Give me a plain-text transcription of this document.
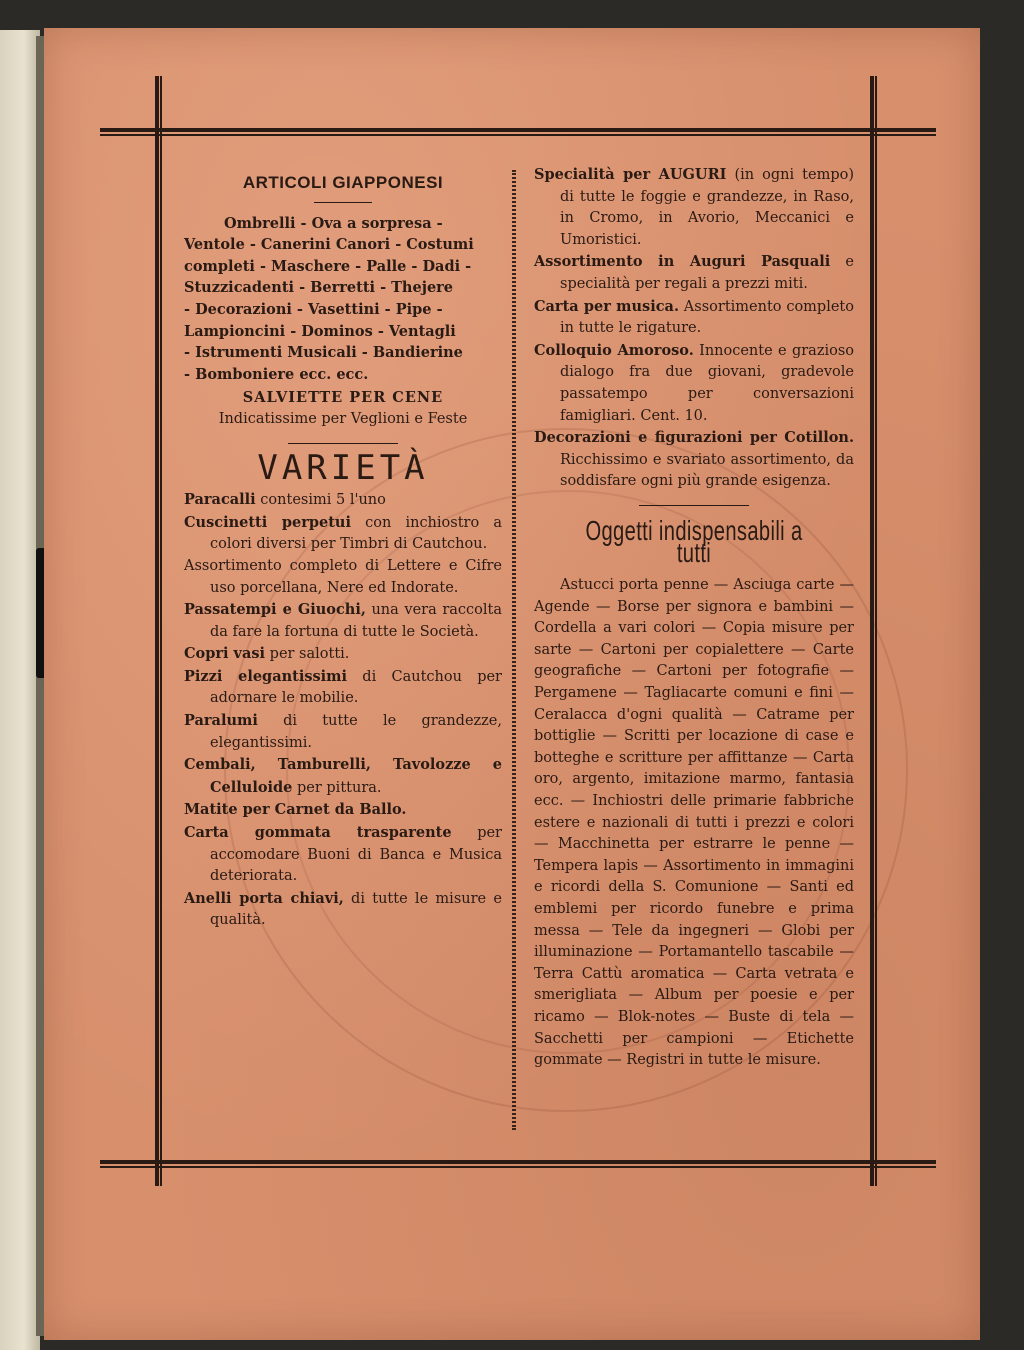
ARTICOLI GIAPPONESI
Ombrelli - Ova a sorpresa -
Ventole - Canerini Canori - Costumi
completi - Maschere - Palle - Dadi -
Stuzzicadenti - Berretti - Thejere
- Decorazioni - Vasettini - Pipe -
Lampioncini - Dominos - Ventagli
- Istrumenti Musicali - Bandierine
- Bomboniere ecc. ecc.
SALVIETTE PER CENE
Indicatissime per Veglioni e Feste
VARIETÀ

Paracalli contesimi 5 l'uno

Cuscinetti perpetui con inchiostro a colori diversi per Timbri di Cautchou.

Assortimento completo di Lettere e Cifre uso porcellana, Nere ed Indorate.

Passatempi e Giuochi, una vera raccolta da fare la fortuna di tutte le Società.

Copri vasi per salotti.

Pizzi elegantissimi di Cautchou per adornare le mobilie.

Paralumi di tutte le grandezze, elegantissimi.

Cembali, Tamburelli, Tavolozze e Celluloide per pittura.

Matite per Carnet da Ballo.

Carta gommata trasparente per accomodare Buoni di Banca e Musica deteriorata.

Anelli porta chiavi, di tutte le misure e qualità.

Specialità per AUGURI (in ogni tempo) di tutte le foggie e grandezze, in Raso, in Cromo, in Avorio, Meccanici e Umoristici.

Assortimento in Auguri Pasquali e specialità per regali a prezzi miti.

Carta per musica. Assortimento completo in tutte le rigature.

Colloquio Amoroso. Innocente e grazioso dialogo fra due giovani, gradevole passatempo per conversazioni famigliari. Cent. 10.

Decorazioni e figurazioni per Cotillon. Ricchissimo e svariato assortimento, da soddisfare ogni più grande esigenza.

Oggetti indispensabili a tutti

Astucci porta penne — Asciuga carte — Agende — Borse per signora e bambini — Cordella a vari colori — Copia misure per sarte — Cartoni per copialettere — Carte geografiche — Cartoni per fotografie — Pergamene — Tagliacarte comuni e fini — Ceralacca d'ogni qualità — Catrame per bottiglie — Scritti per locazione di case e botteghe e scritture per affittanze — Carta oro, argento, imitazione marmo, fantasia ecc. — Inchiostri delle primarie fabbriche estere e nazionali di tutti i prezzi e colori — Macchinetta per estrarre le penne — Tempera lapis — Assortimento in immagini e ricordi della S. Comunione — Santi ed emblemi per ricordo funebre e prima messa — Tele da ingegneri — Globi per illuminazione — Portamantello tascabile — Terra Cattù aromatica — Carta vetrata e smerigliata — Album per poesie e per ricamo — Blok-notes — Buste di tela — Sacchetti per campioni — Etichette gommate — Registri in tutte le misure.
